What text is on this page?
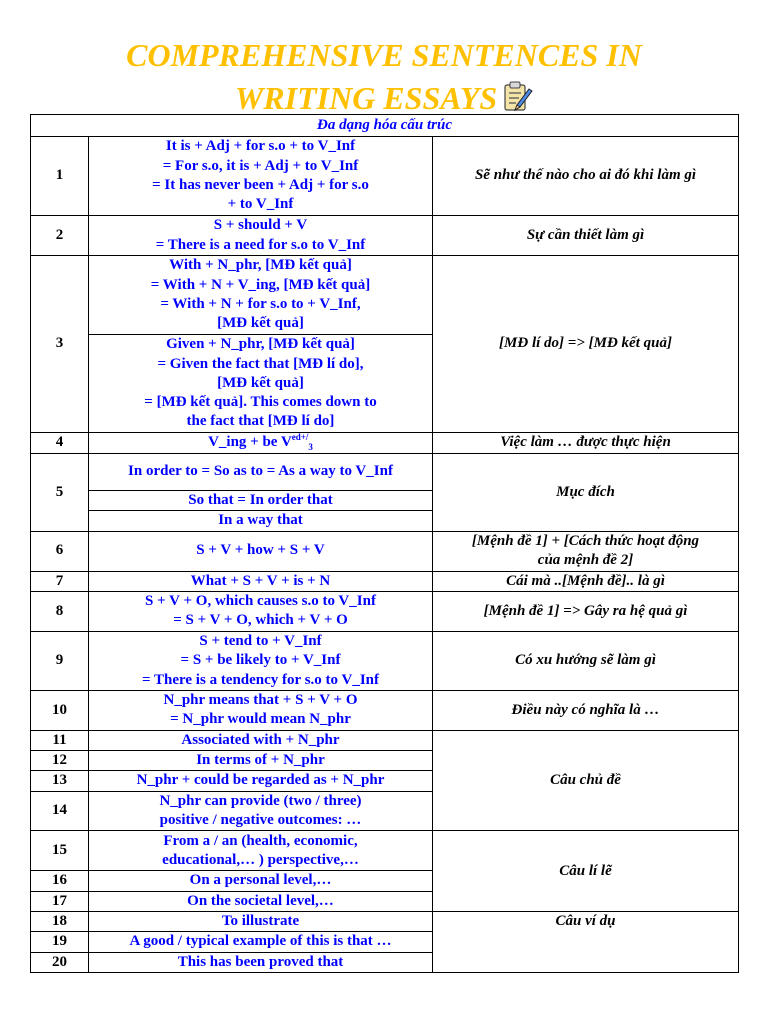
COMPREHENSIVE SENTENCES IN
WRITING ESSAYS
Đa dạng hóa cấu trúc		
1	It is + Adj + for s.o + to V_Inf
= For s.o, it is + Adj + to V_Inf
= It has never been + Adj + for s.o
+ to V_Inf	Sẽ như thế nào cho ai đó khi làm gì
2	S + should + V
= There is a need for s.o to V_Inf	Sự cần thiết làm gì
3	With + N_phr, [MĐ kết quả]
= With + N + V_ing, [MĐ kết quả]
= With + N + for s.o to + V_Inf,
[MĐ kết quả]	[MĐ lí do] => [MĐ kết quả]

	Given + N_phr, [MĐ kết quả]
= Given the fact that [MĐ lí do],
[MĐ kết quả]
= [MĐ kết quả]. This comes down to
the fact that [MĐ lí do]	

4	V_ing + be $V^{ed+/}_3$	Việc làm … được thực hiện
5	In order to = So as to = As a way to V_Inf	Mục đích
	So that = In order that	
	In a way that	
6	S + V + how + S + V	[Mệnh đề 1] + [Cách thức hoạt động
của mệnh đề 2]

7	What + S + V + is + N	Cái mà ..[Mệnh đề].. là gì
8	S + V + O, which causes s.o to V_Inf
= S + V + O, which + V + O	[Mệnh đề 1] => Gây ra hệ quả gì
9	S + tend to + V_Inf
= S + be likely to + V_Inf
= There is a tendency for s.o to V_Inf	Có xu hướng sẽ làm gì
10	N_phr means that + S + V + O
= N_phr would mean N_phr	Điều này có nghĩa là …
11	Associated with + N_phr	Câu chủ đề
12	In terms of + N_phr	
13	N_phr + could be regarded as + N_phr	
14	N_phr can provide (two / three)
positive / negative outcomes: …	

15	From a / an (health, economic,
educational,… ) perspective,…	Câu lí lẽ
16	On a personal level,…	
17	On the societal level,…	
18	To illustrate	Câu ví dụ
19	A good / typical example of this is that …	
20	This has been proved that	
